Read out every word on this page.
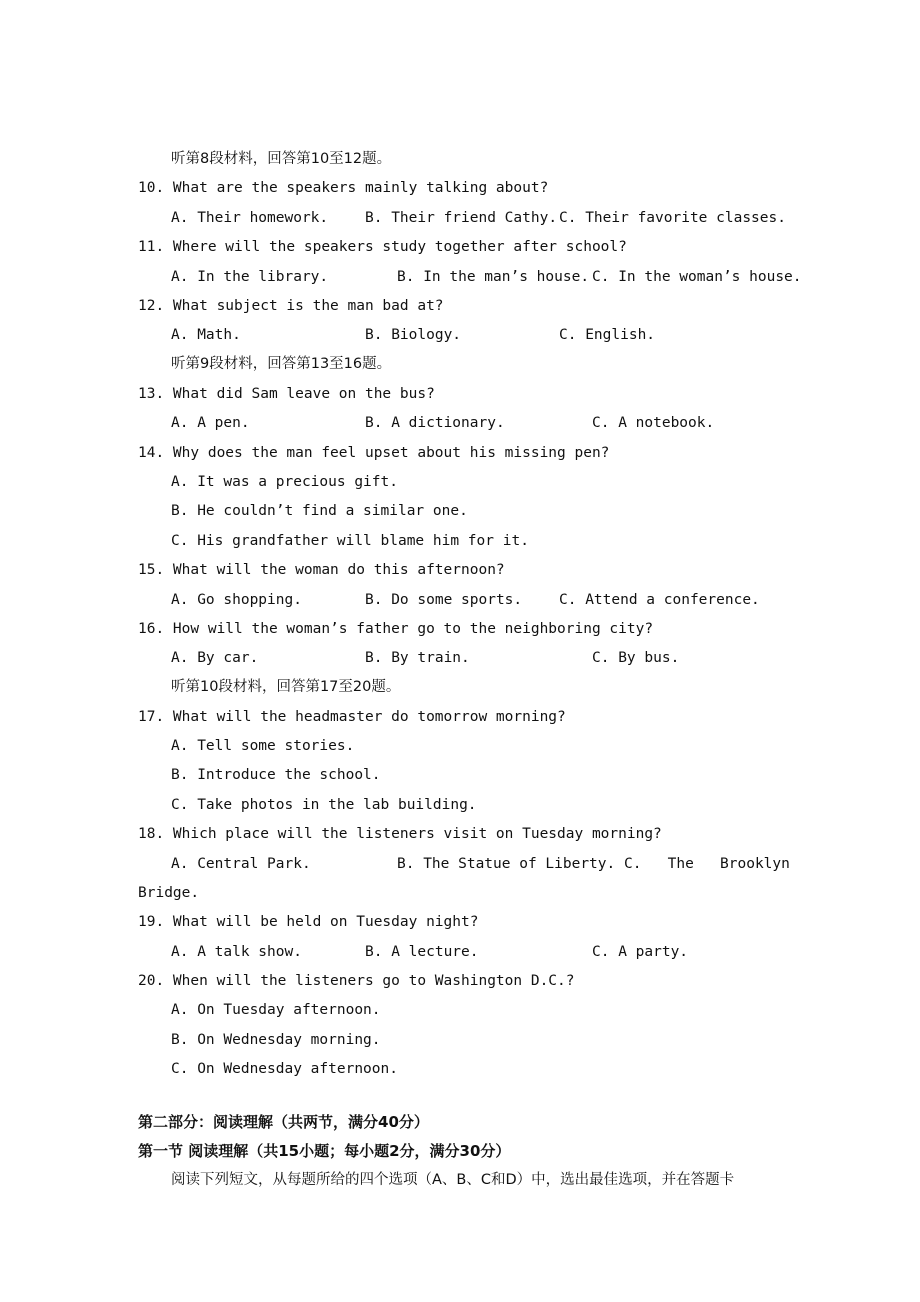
听第8段材料，回答第10至12题。
10. What are the speakers mainly talking about?

A. Their homework.

	B. Their friend Cathy.

C. Their favorite classes.

11. Where will the speakers study together after school?

A. In the library.

	B. In the man’s house.

C. In the woman’s house.

12. What subject is the man bad at?

A. Math.

	B. Biology.

	C. English.

听第9段材料，回答第13至16题。
13. What did Sam leave on the bus?

A. A pen.

	B. A dictionary.

	C. A notebook.

14. Why does the man feel upset about his missing pen?
A. It was a precious gift.
B. He couldn’t find a similar one.
C. His grandfather will blame him for it.
15. What will the woman do this afternoon?

A. Go shopping.

	B. Do some sports.

	C. Attend a conference.

16. How will the woman’s father go to the neighboring city?

A. By car.

	B. By train.

	C. By bus.

听第10段材料，回答第17至20题。
17. What will the headmaster do tomorrow morning?
A. Tell some stories.
B. Introduce the school.
C. Take photos in the lab building.
18. Which place will the listeners visit on Tuesday morning?

A. Central Park.

	B. The Statue of Liberty.

C.   The   Brooklyn

Bridge.
19. What will be held on Tuesday night?

A. A talk show.

	B. A lecture.

	C. A party.

20. When will the listeners go to Washington D.C.?
A. On Tuesday afternoon.
B. On Wednesday morning.
C. On Wednesday afternoon.
第二部分：阅读理解（共两节，满分40分）
第一节 阅读理解（共15小题；每小题2分，满分30分）
阅读下列短文，从每题所给的四个选项（A、B、C和D）中，选出最佳选项，并在答题卡
